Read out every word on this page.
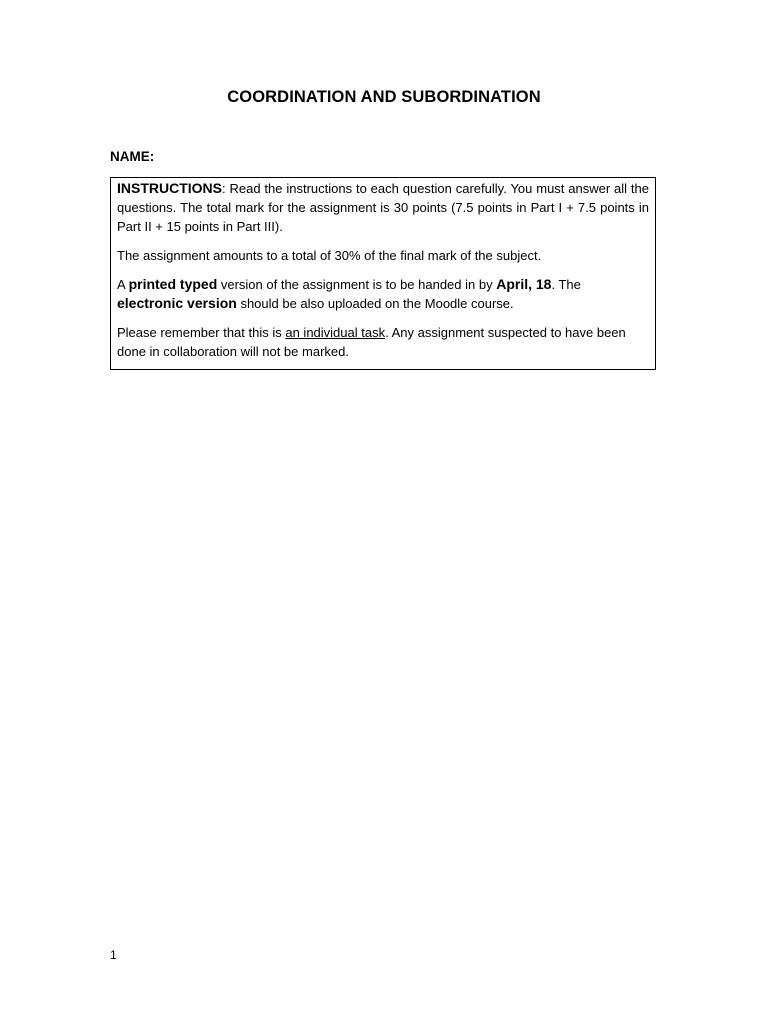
COORDINATION AND SUBORDINATION
NAME:

INSTRUCTIONS: Read the instructions to each question carefully. You must answer all the questions. The total mark for the assignment is 30 points (7.5 points in Part I + 7.5 points in Part II + 15 points in Part III).

The assignment amounts to a total of 30% of the final mark of the subject.

A printed typed version of the assignment is to be handed in by April, 18. The electronic version should be also uploaded on the Moodle course.

Please remember that this is an individual task. Any assignment suspected to have been done in collaboration will not be marked.

1
